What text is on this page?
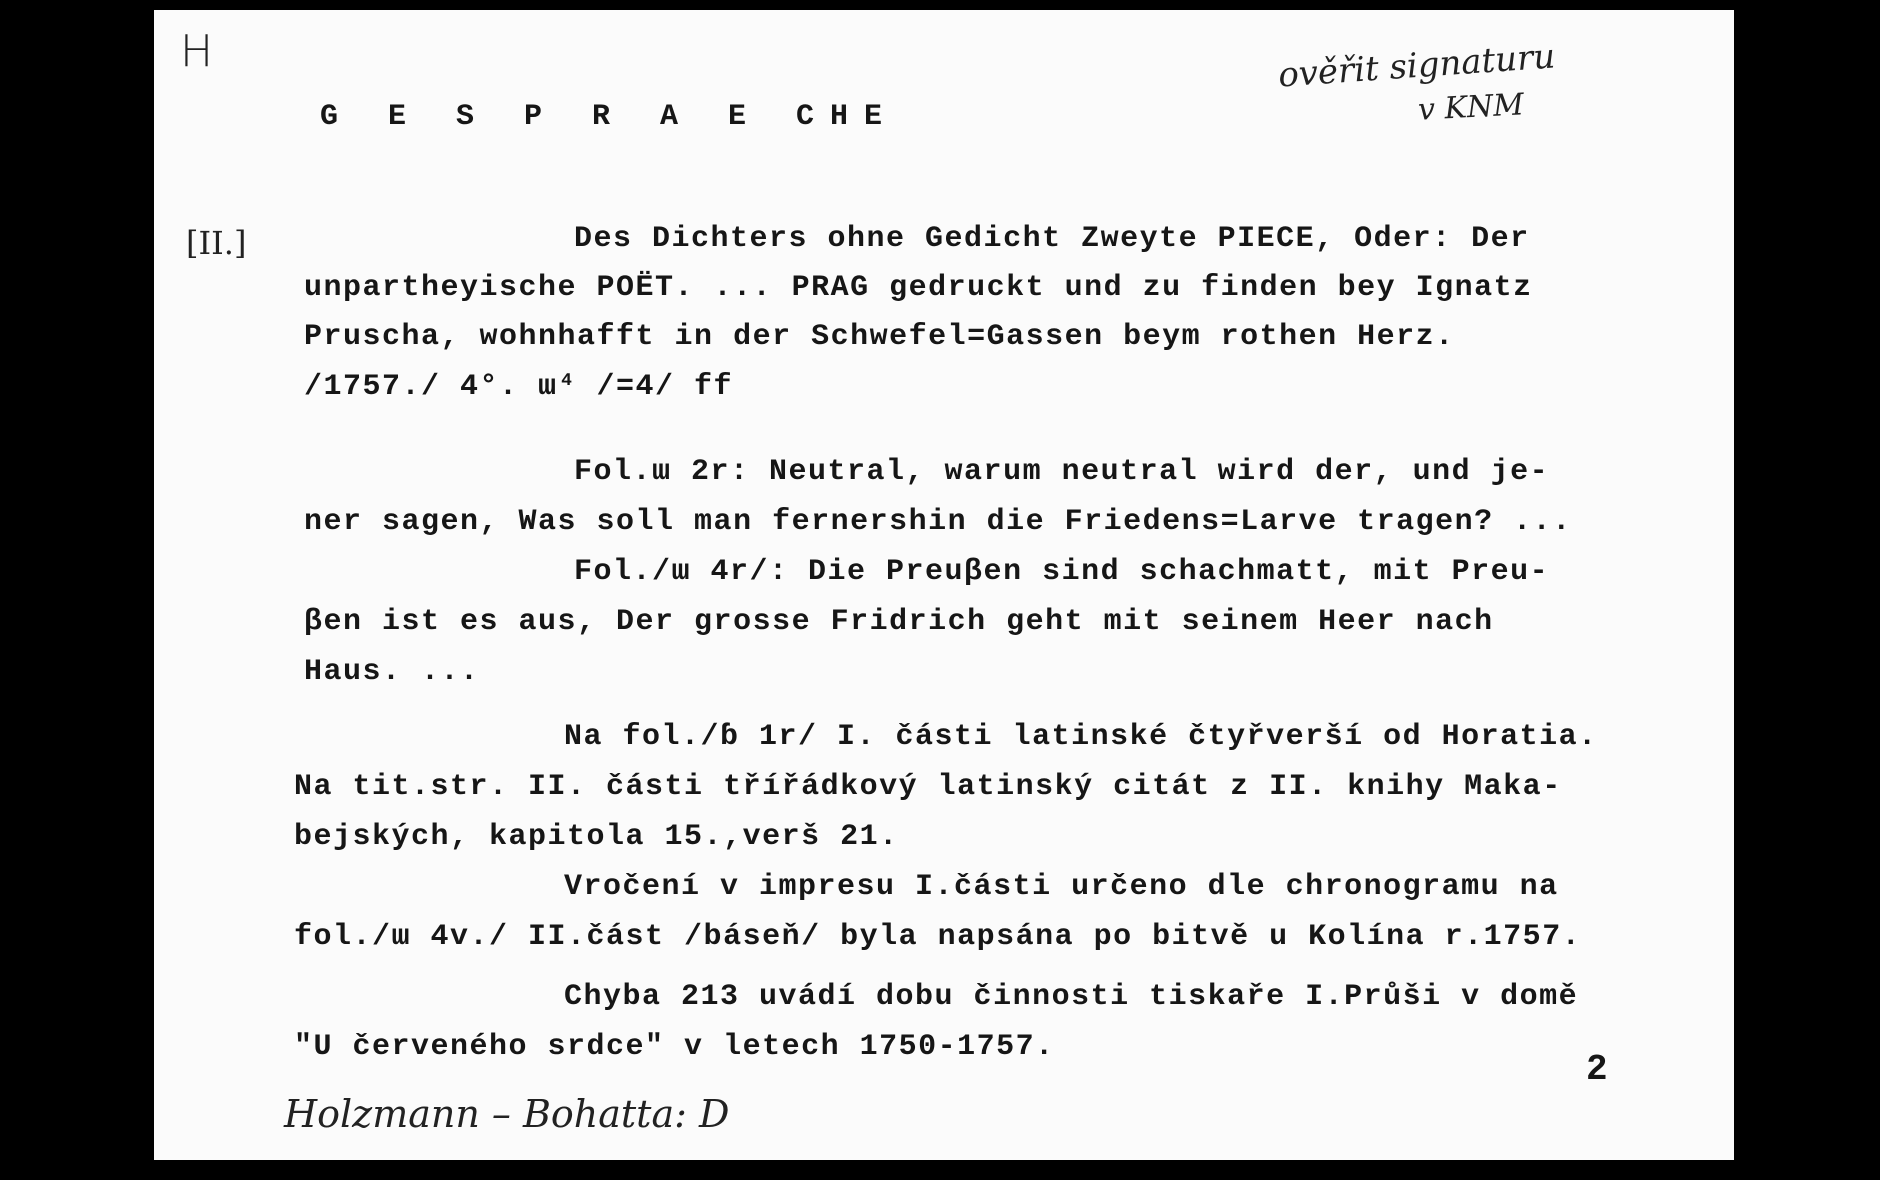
H	ověřit signaturu
v KNM
G E S P R A E CHE
[II.]	Des Dichters ohne Gedicht Zweyte PIECE, Oder: Der
unpartheyische POËT. ... PRAG gedruckt und zu finden bey Ignatz
Pruscha, wohnhafft in der Schwefel=Gassen beym rothen Herz.
/1757./ 4°. ɯ⁴ /=4/ ff
Fol.ɯ 2r: Neutral, warum neutral wird der, und je-
ner sagen, Was soll man fernershin die Friedens=Larve tragen? ...
Fol./ɯ 4r/: Die Preuβen sind schachmatt, mit Preu-
βen ist es aus, Der grosse Fridrich geht mit seinem Heer nach
Haus. ...
Na fol./ɓ 1r/ I. části latinské čtyřverší od Horatia.
Na tit.str. II. části třířádkový latinský citát z II. knihy Maka-
bejských, kapitola 15.,verš 21.
Vročení v impresu I.části určeno dle chronogramu na
fol./ɯ 4v./ II.část /báseň/ byla napsána po bitvě u Kolína r.1757.
Chyba 213 uvádí dobu činnosti tiskaře I.Průši v domě
"U červeného srdce" v letech 1750-1757.
2
Holzmann – Bohatta: D
